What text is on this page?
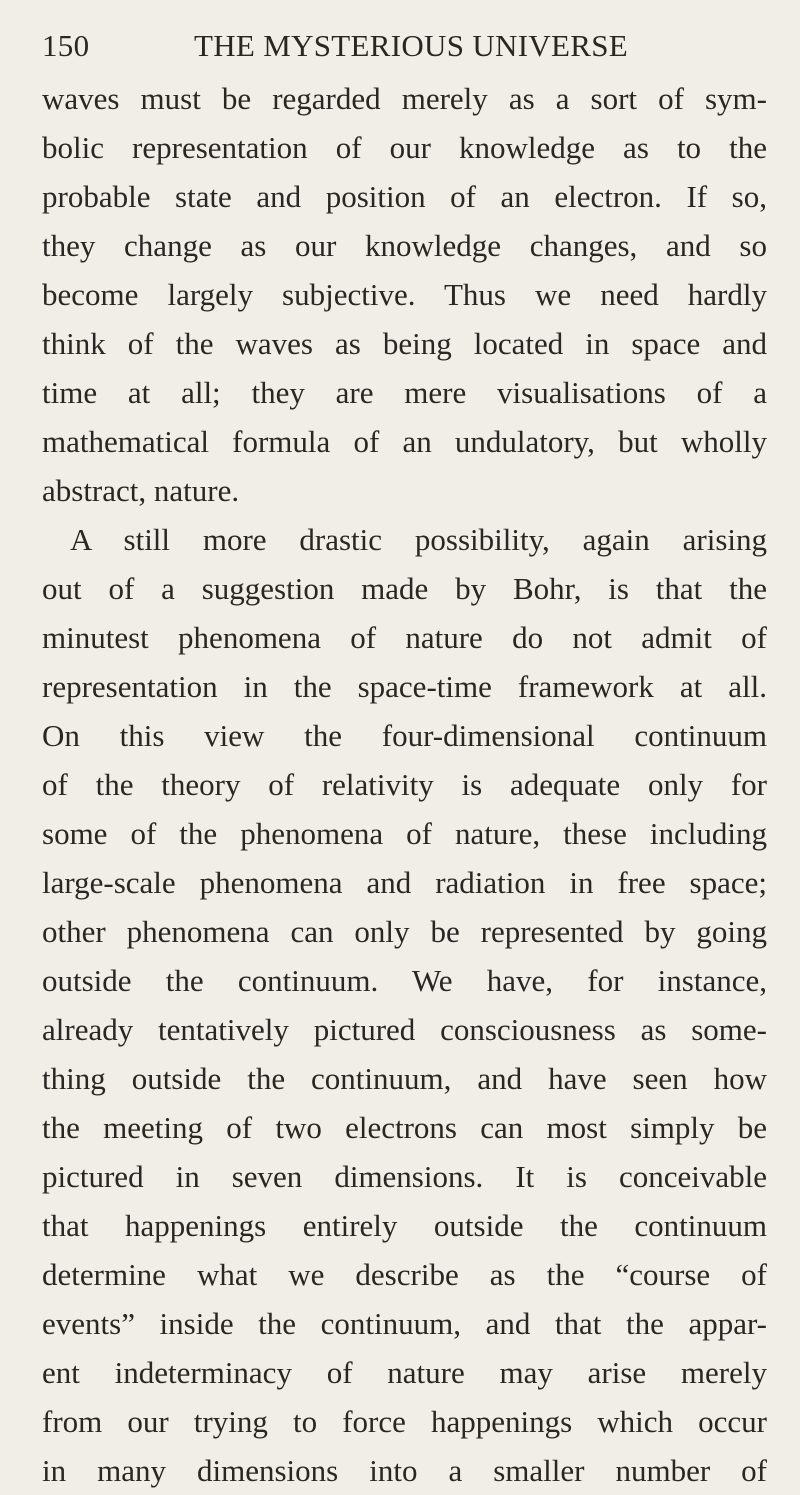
150	THE MYSTERIOUS UNIVERSE
waves must be regarded merely as a sort of sym-
bolic representation of our knowledge as to the
probable state and position of an electron. If so,
they change as our knowledge changes, and so
become largely subjective. Thus we need hardly
think of the waves as being located in space and
time at all; they are mere visualisations of a
mathematical formula of an undulatory, but wholly
abstract, nature.
A still more drastic possibility, again arising
out of a suggestion made by Bohr, is that the
minutest phenomena of nature do not admit of
representation in the space-time framework at all.
On this view the four-dimensional continuum
of the theory of relativity is adequate only for
some of the phenomena of nature, these including
large-scale phenomena and radiation in free space;
other phenomena can only be represented by going
outside the continuum. We have, for instance,
already tentatively pictured consciousness as some-
thing outside the continuum, and have seen how
the meeting of two electrons can most simply be
pictured in seven dimensions. It is conceivable
that happenings entirely outside the continuum
determine what we describe as the “course of
events” inside the continuum, and that the appar-
ent indeterminacy of nature may arise merely
from our trying to force happenings which occur
in many dimensions into a smaller number of
